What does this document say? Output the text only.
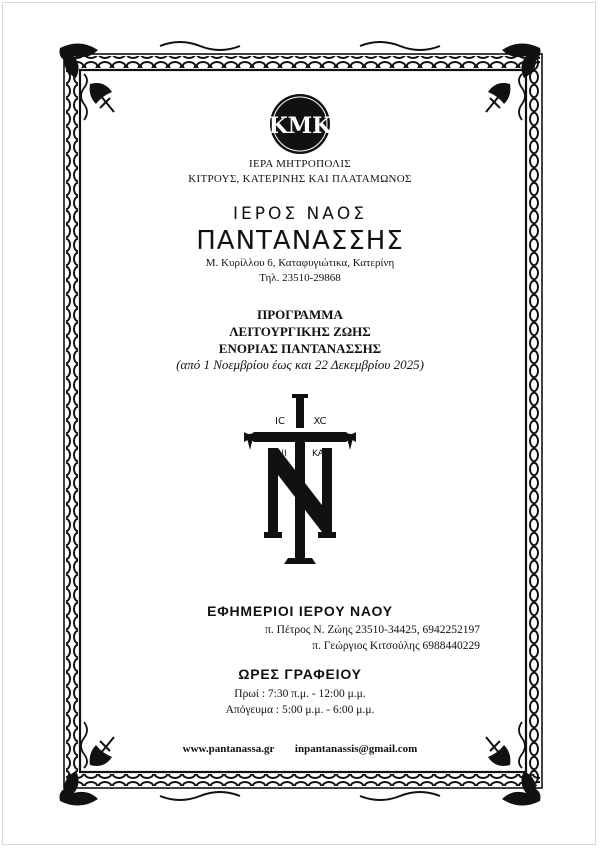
ΚΜΚ
ΙΕΡΑ ΜΗΤΡΟΠΟΛΙΣ
ΚΙΤΡΟΥΣ, ΚΑΤΕΡΙΝΗΣ ΚΑΙ ΠΛΑΤΑΜΩΝΟΣ
ΙΕΡΟΣ ΝΑΟΣ
ΠΑΝΤΑΝΑΣΣΗΣ
Μ. Κυρίλλου 6, Καταφυγιώτικα, Κατερίνη
Τηλ. 23510-29868
ΠΡΟΓΡΑΜΜΑ
ΛΕΙΤΟΥΡΓΙΚΗΣ ΖΩΗΣ
ΕΝΟΡΙΑΣ ΠΑΝΤΑΝΑΣΣΗΣ
(από 1 Νοεμβρίου έως και 22 Δεκεμβρίου 2025)
IC	XC
NI	KA
ΕΦΗΜΕΡΙΟΙ ΙΕΡΟΥ ΝΑΟΥ
π. Πέτρος Ν. Ζώης 23510-34425, 6942252197
π. Γεώργιος Κιτσούλης 6988440229
ΩΡΕΣ ΓΡΑΦΕΙΟΥ
Πρωί : 7:30 π.μ. - 12:00 μ.μ.
Απόγευμα : 5:00 μ.μ. - 6:00 μ.μ.
www.pantanassa.gr inpantanassis@gmail.com
